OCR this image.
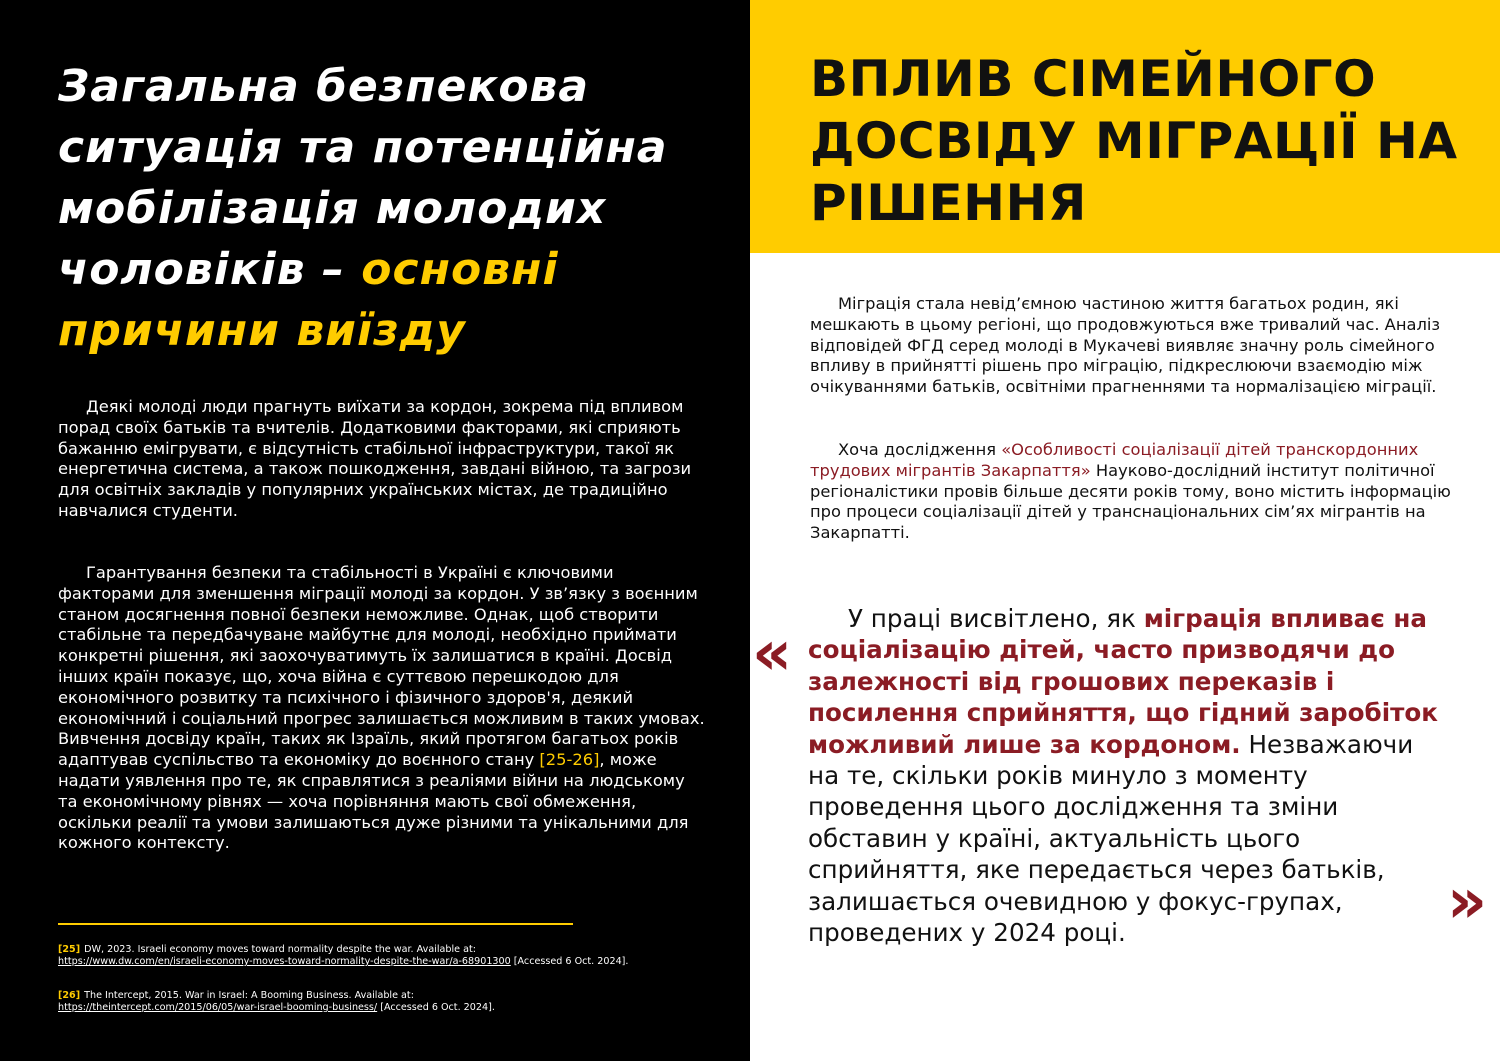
Загальна безпекова ситуація та потенційна мобілізація молодих чоловіків – основні причини виїзду

Деякі молоді люди прагнуть виїхати за кордон, зокрема під впливом порад своїх батьків та вчителів. Додатковими факторами, які сприяють бажанню емігрувати, є відсутність стабільної інфраструктури, такої як енергетична система, а також пошкодження, завдані війною, та загрози для освітніх закладів у популярних українських містах, де традиційно навчалися студенти.

Гарантування безпеки та стабільності в Україні є ключовими факторами для зменшення міграції молоді за кордон. У зв’язку з воєнним станом досягнення повної безпеки неможливе. Однак, щоб створити стабільне та передбачуване майбутнє для молоді, необхідно приймати конкретні рішення, які заохочуватимуть їх залишатися в країні. Досвід інших країн показує, що, хоча війна є суттєвою перешкодою для економічного розвитку та психічного і фізичного здоров'я, деякий економічний і соціальний прогрес залишається можливим в таких умовах. Вивчення досвіду країн, таких як Ізраїль, який протягом багатьох років адаптував суспільство та економіку до воєнного стану [25-26], може надати уявлення про те, як справлятися з реаліями війни на людському та економічному рівнях — хоча порівняння мають свої обмеження, оскільки реалії та умови залишаються дуже різними та унікальними для кожного контексту.

[25] DW, 2023. Israeli economy moves toward normality despite the war. Available at:
https://www.dw.com/en/israeli-economy-moves-toward-normality-despite-the-war/a-68901300 [Accessed 6 Oct. 2024].

[26] The Intercept, 2015. War in Israel: A Booming Business. Available at:
https://theintercept.com/2015/06/05/war-israel-booming-business/ [Accessed 6 Oct. 2024].

ВПЛИВ СІМЕЙНОГО ДОСВІДУ МІГРАЦІЇ НА РІШЕННЯ

Міграція стала невід’ємною частиною життя багатьох родин, які мешкають в цьому регіоні, що продовжуються вже тривалий час. Аналіз відповідей ФГД серед молоді в Мукачеві виявляє значну роль сімейного впливу в прийнятті рішень про міграцію, підкреслюючи взаємодію між очікуваннями батьків, освітніми прагненнями та нормалізацією міграції.

Хоча дослідження «Особливості соціалізації дітей транскордонних трудових мігрантів Закарпаття» Науково-дослідний інститут політичної регіоналістики провів більше десяти років тому, воно містить інформацію про процеси соціалізації дітей у транснаціональних сім’ях мігрантів на Закарпатті.

У праці висвітлено, як міграція впливає на соціалізацію дітей, часто призводячи до залежності від грошових переказів і посилення сприйняття, що гідний заробіток можливий лише за кордоном. Незважаючи на те, скільки років минуло з моменту проведення цього дослідження та зміни обставин у країні, актуальність цього сприйняття, яке передається через батьків, залишається очевидною у фокус-групах, проведених у 2024 році.

«
»
